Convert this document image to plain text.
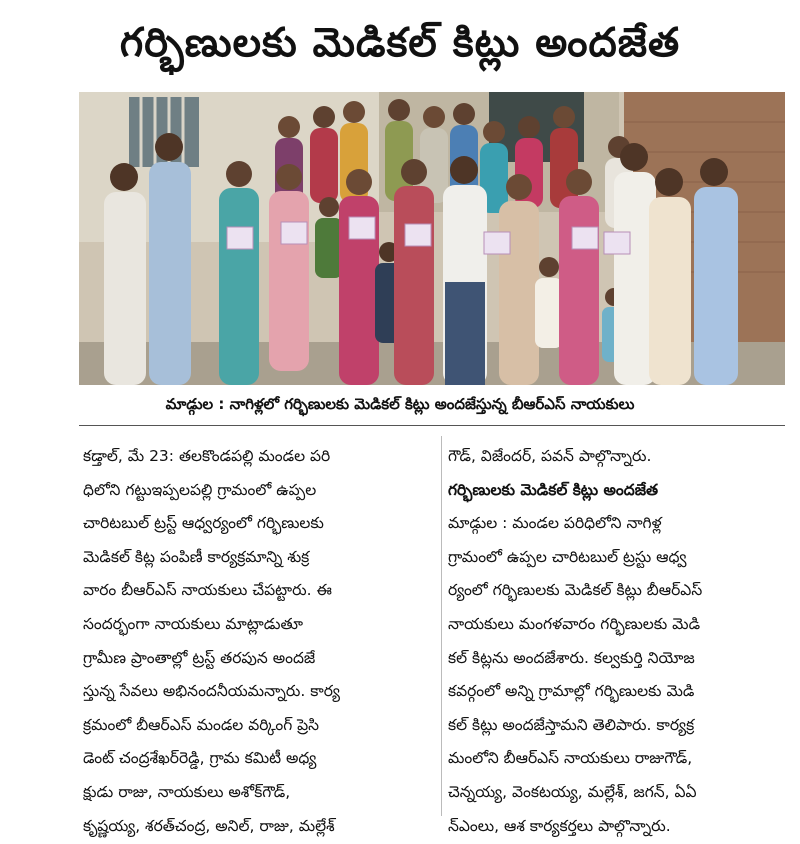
గర్భిణులకు మెడికల్ కిట్లు అందజేత
మాడ్గుల : నాగిళ్లలో గర్భిణులకు మెడికల్ కిట్లు అందజేస్తున్న బీఆర్‌ఎస్ నాయకులు
కడ్తాల్, మే 23: తలకొండపల్లి మండల పరి
ధిలోని గట్టుఇప్పలపల్లి గ్రామంలో ఉప్పల
చారిటబుల్ ట్రస్ట్ ఆధ్వర్యంలో గర్భిణులకు
మెడికల్ కిట్ల పంపిణీ కార్యక్రమాన్ని శుక్ర
వారం బీఆర్ఎస్ నాయకులు చేపట్టారు. ఈ
సందర్భంగా నాయకులు మాట్లాడుతూ
గ్రామీణ ప్రాంతాల్లో ట్రస్ట్ తరపున అందజే
స్తున్న సేవలు అభినందనీయమన్నారు. కార్య
క్రమంలో బీఆర్ఎస్ మండల వర్కింగ్ ప్రెసి
డెంట్ చంద్రశేఖర్‌రెడ్డి, గ్రామ కమిటీ అధ్య
క్షుడు రాజు, నాయకులు అశోక్‌గౌడ్,
కృష్ణయ్య, శరత్‌చంద్ర, అనిల్, రాజు, మల్లేశ్
గౌడ్, విజేందర్, పవన్ పాల్గొన్నారు.
గర్భిణులకు మెడికల్ కిట్లు అందజేత
మాడ్గుల : మండల పరిధిలోని నాగిళ్ల
గ్రామంలో ఉప్పల చారిటబుల్ ట్రస్టు ఆధ్వ
ర్యంలో గర్భిణులకు మెడికల్ కిట్లు బీఆర్ఎస్
నాయకులు మంగళవారం గర్భిణులకు మెడి
కల్ కిట్లను అందజేశారు. కల్వకుర్తి నియోజ
కవర్గంలో అన్ని గ్రామాల్లో గర్భిణులకు మెడి
కల్ కిట్లు అందజేస్తామని తెలిపారు. కార్యక్ర
మంలోని బీఆర్ఎస్ నాయకులు రాజుగౌడ్,
చెన్నయ్య, వెంకటయ్య, మల్లేశ్, జగన్, ఏఏ
న్ఎంలు, ఆశ కార్యకర్తలు పాల్గొన్నారు.
